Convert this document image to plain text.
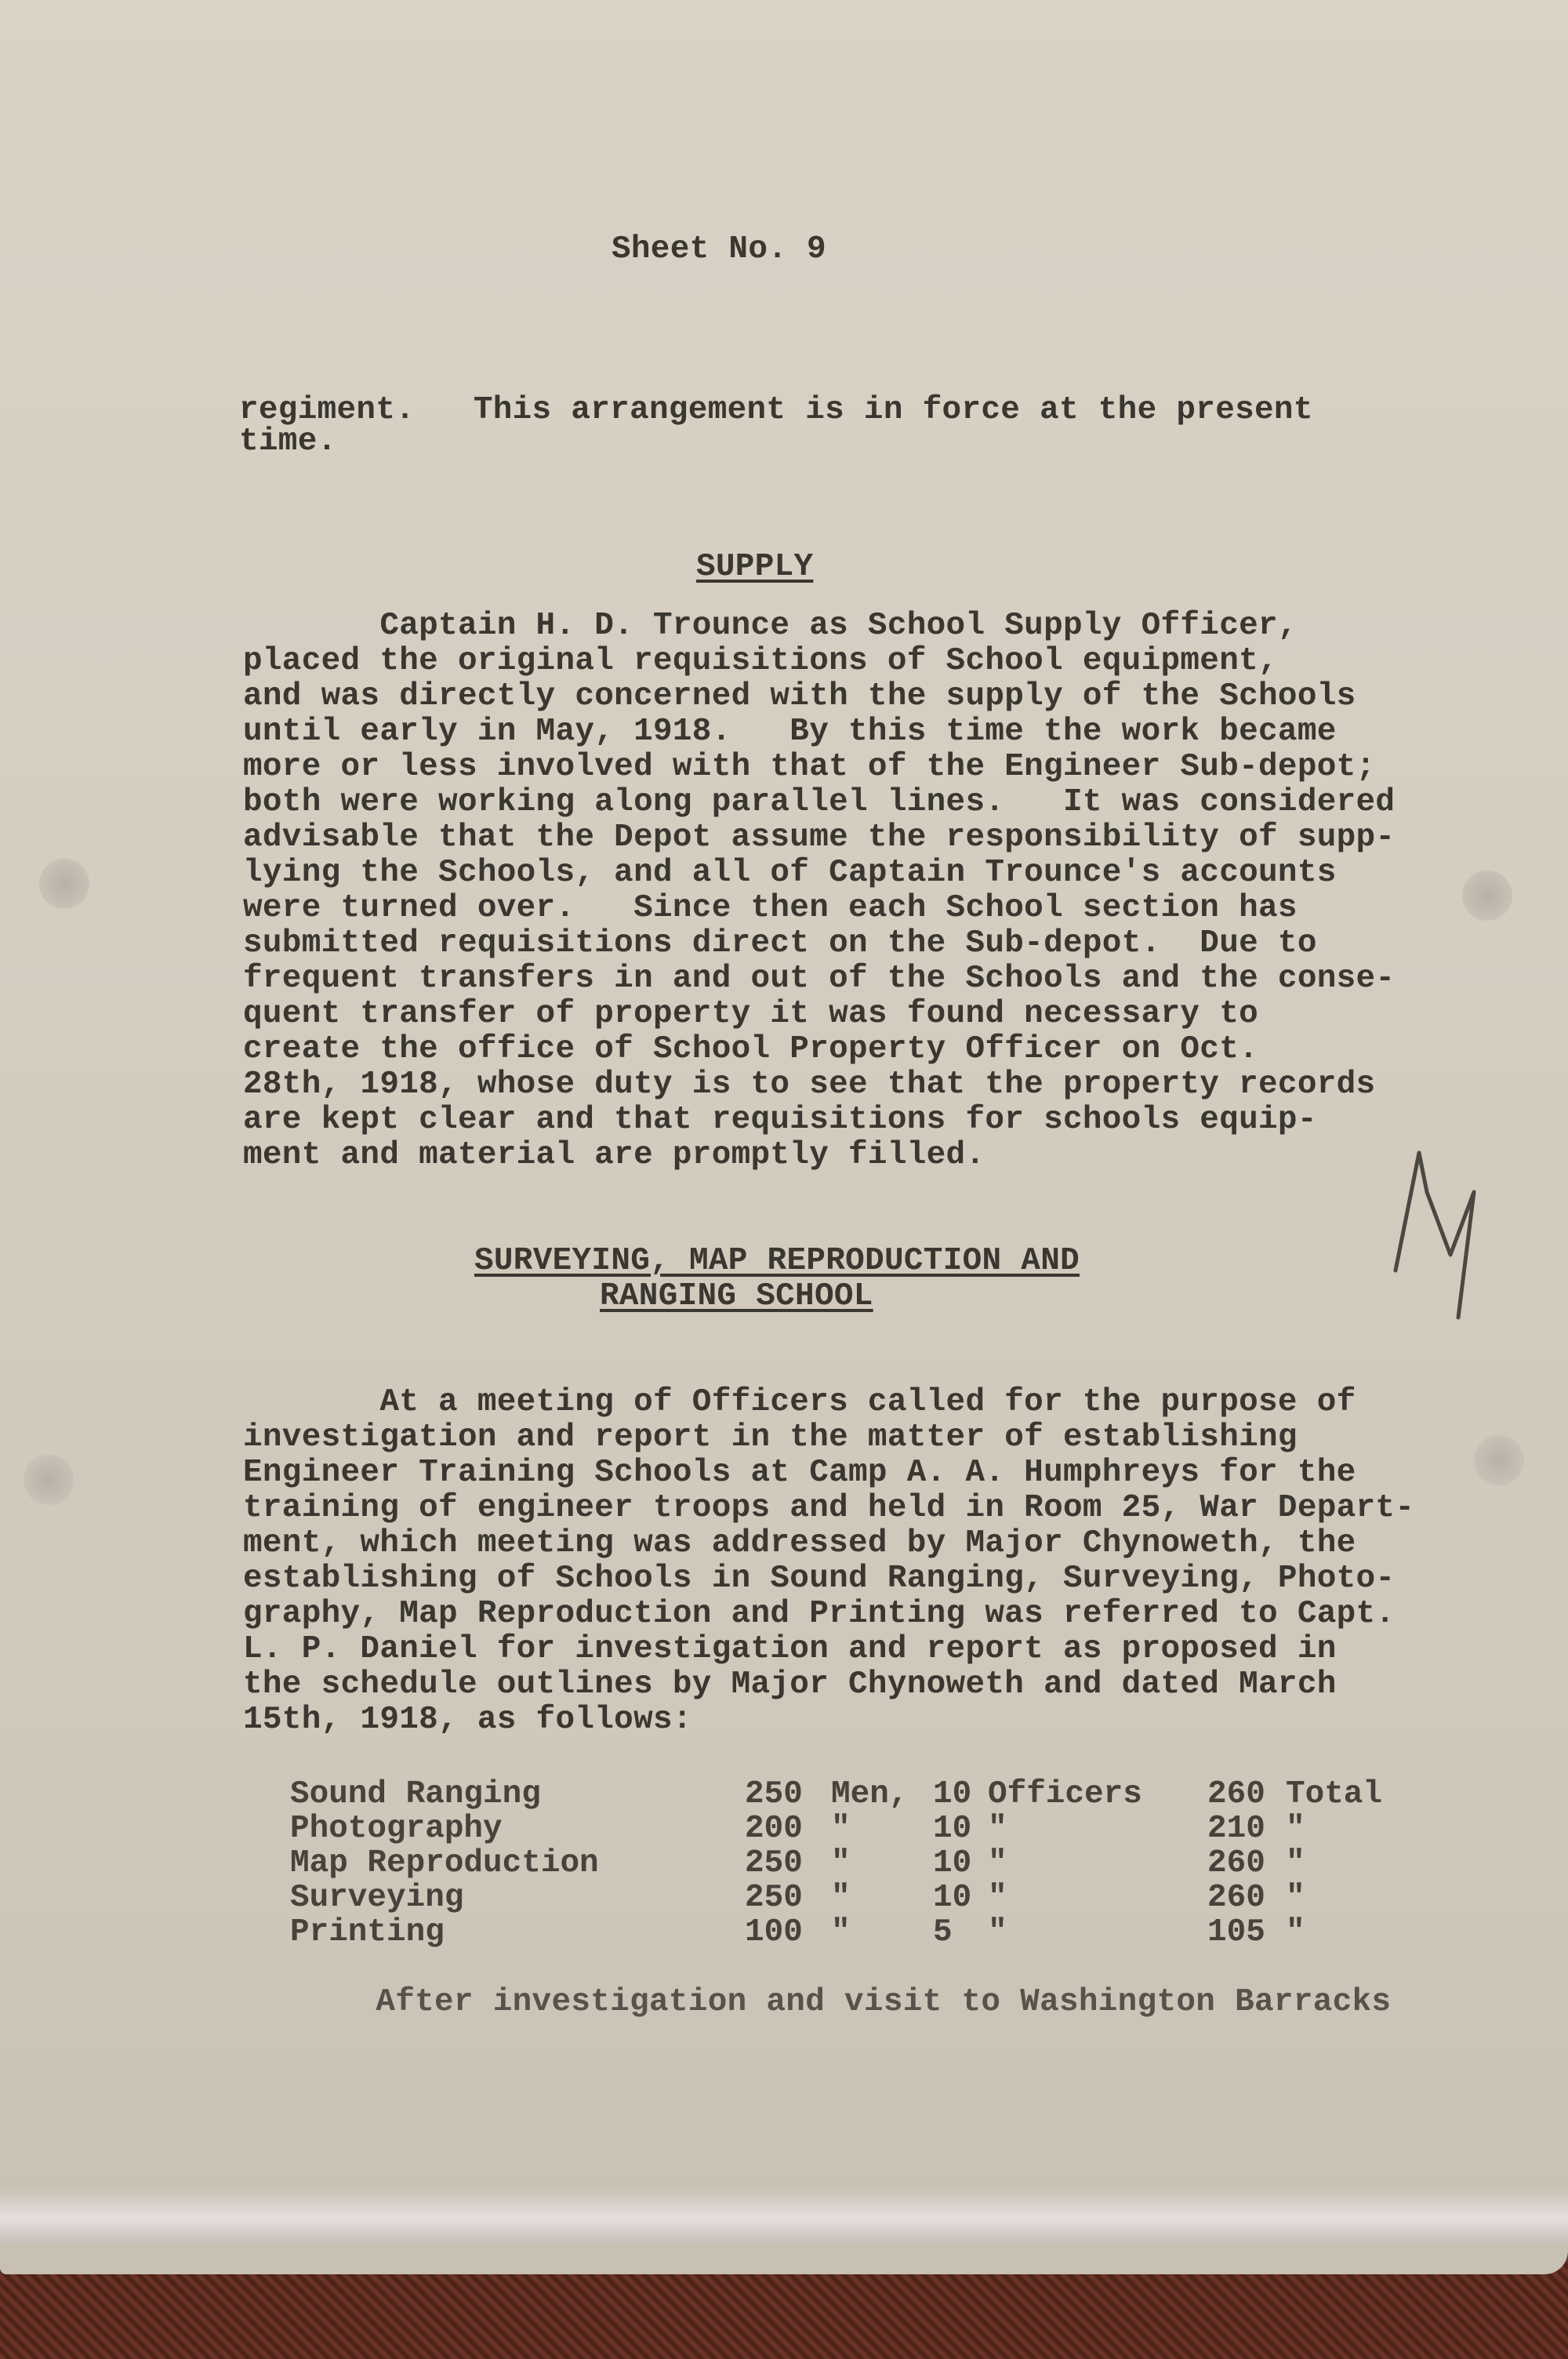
Sheet No. 9
regiment.   This arrangement is in force at the present
time.
SUPPLY
Captain H. D. Trounce as School Supply Officer,
placed the original requisitions of School equipment,
and was directly concerned with the supply of the Schools
until early in May, 1918.   By this time the work became
more or less involved with that of the Engineer Sub-depot;
both were working along parallel lines.   It was considered
advisable that the Depot assume the responsibility of supp-
lying the Schools, and all of Captain Trounce's accounts
were turned over.   Since then each School section has
submitted requisitions direct on the Sub-depot.  Due to
frequent transfers in and out of the Schools and the conse-
quent transfer of property it was found necessary to
create the office of School Property Officer on Oct.
28th, 1918, whose duty is to see that the property records
are kept clear and that requisitions for schools equip-
ment and material are promptly filled.
SURVEYING, MAP REPRODUCTION AND
RANGING SCHOOL
At a meeting of Officers called for the purpose of
investigation and report in the matter of establishing
Engineer Training Schools at Camp A. A. Humphreys for the
training of engineer troops and held in Room 25, War Depart-
ment, which meeting was addressed by Major Chynoweth, the
establishing of Schools in Sound Ranging, Surveying, Photo-
graphy, Map Reproduction and Printing was referred to Capt.
L. P. Daniel for investigation and report as proposed in
the schedule outlines by Major Chynoweth and dated March
15th, 1918, as follows:
Sound Ranging	250 Men, 10 Officers 260 Total
Photography	200 "	10 "	210 "
Map Reproduction	250 "	10 "	260 "
Surveying	250 "	10 "	260 "
Printing	100 "	5 "	105 "
After investigation and visit to Washington Barracks
